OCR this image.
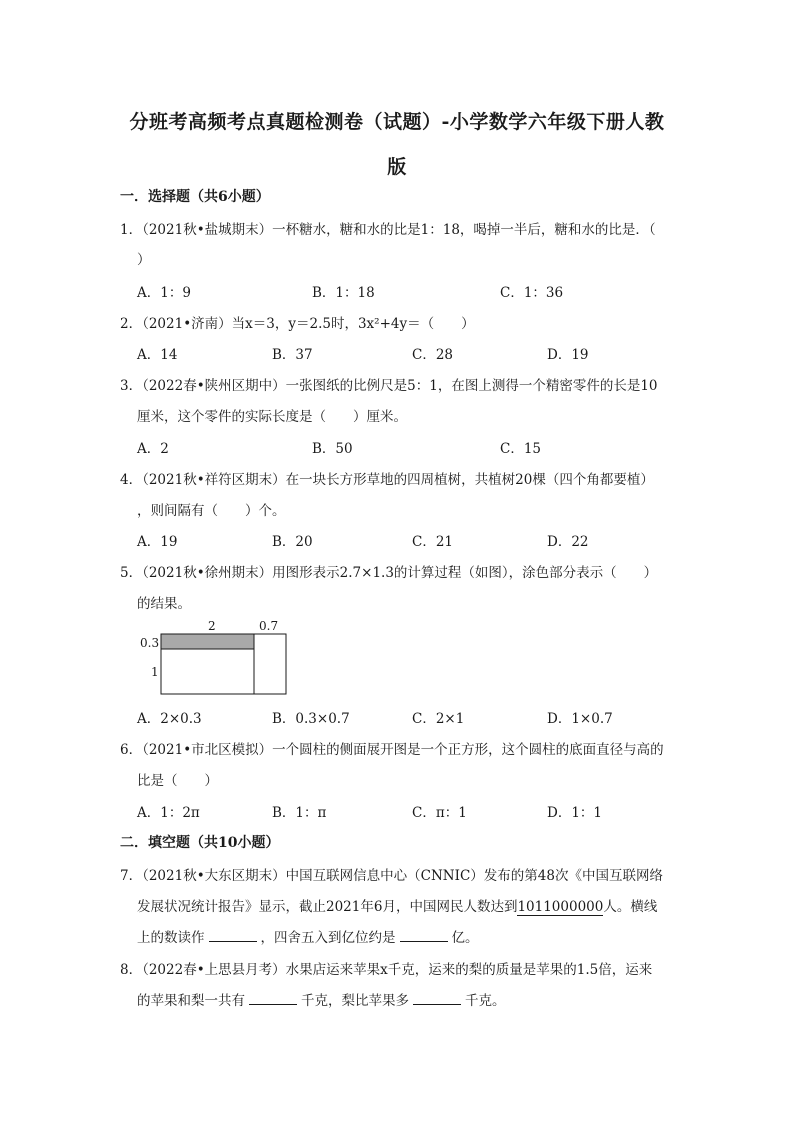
分班考高频考点真题检测卷（试题）-小学数学六年级下册人教
版
一．选择题（共6小题）
1．（2021秋•盐城期末）一杯糖水，糖和水的比是1：18，喝掉一半后，糖和水的比是．（
）
A．1：9	B．1：18	C．1：36
2．（2021•济南）当x＝3，y＝2.5时，3x²+4y＝（　　）
A．14	B．37	C．28	D．19
3．（2022春•陕州区期中）一张图纸的比例尺是5：1，在图上测得一个精密零件的长是10
厘米，这个零件的实际长度是（　　）厘米。
A．2	B．50	C．15
4．（2021秋•祥符区期末）在一块长方形草地的四周植树，共植树20棵（四个角都要植）
，则间隔有（　　）个。
A．19	B．20	C．21	D．22
5．（2021秋•徐州期末）用图形表示2.7×1.3的计算过程（如图），涂色部分表示（　　）
的结果。
2	0.7
0.3
1
A．2×0.3	B．0.3×0.7	C．2×1	D．1×0.7
6．（2021•市北区模拟）一个圆柱的侧面展开图是一个正方形，这个圆柱的底面直径与高的
比是（　　）
A．1：2π	B．1：π	C．π：1	D．1：1
二．填空题（共10小题）
7．（2021秋•大东区期末）中国互联网信息中心（CNNIC）发布的第48次《中国互联网络
发展状况统计报告》显示，截止2021年6月，中国网民人数达到1011000000人。横线
上的数读作	，四舍五入到亿位约是	亿。
8．（2022春•上思县月考）水果店运来苹果x千克，运来的梨的质量是苹果的1.5倍，运来
的苹果和梨一共有	千克，梨比苹果多	千克。
